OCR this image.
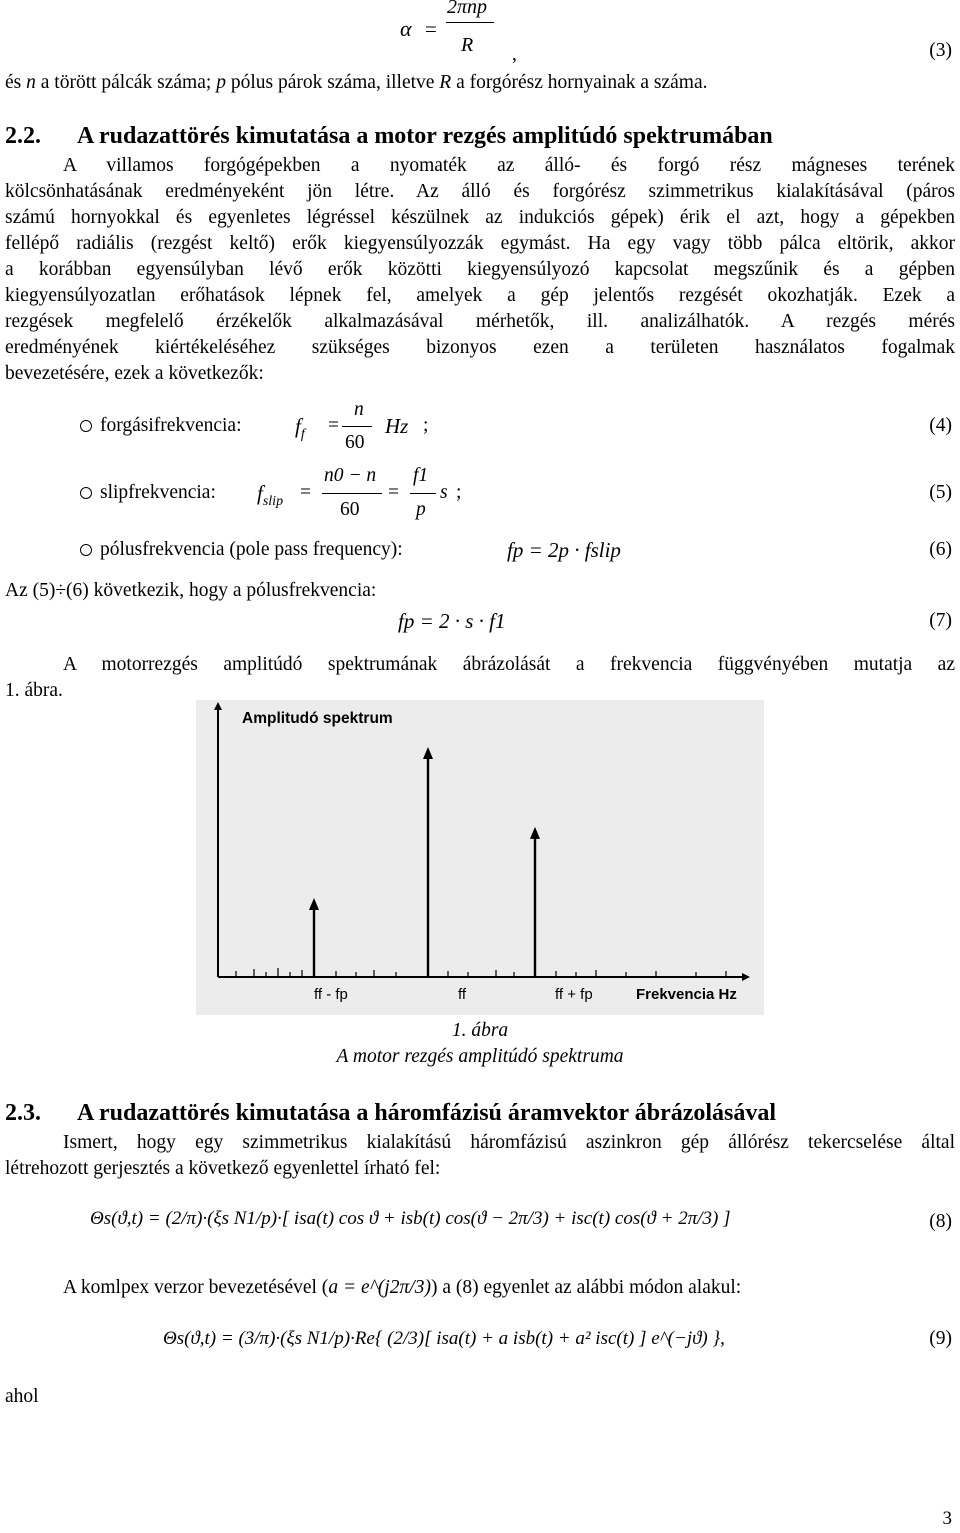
α =
2πnp
R ,	(3)
és n a törött pálcák száma; p pólus párok száma, illetve R a forgórész hornyainak a száma.
2.2. A rudazattörés kimutatása a motor rezgés amplitúdó spektrumában
A villamos forgógépekben a nyomaték az álló- és forgó rész mágneses terének
kölcsönhatásának eredményeként jön létre. Az álló és forgórész szimmetrikus kialakításával (páros
számú hornyokkal és egyenletes légréssel készülnek az indukciós gépek) érik el azt, hogy a gépekben
fellépő radiális (rezgést keltő) erők kiegyensúlyozzák egymást. Ha egy vagy több pálca eltörik, akkor
a korábban egyensúlyban lévő erők közötti kiegyensúlyozó kapcsolat megszűnik és a gépben
kiegyensúlyozatlan erőhatások lépnek fel, amelyek a gép jelentős rezgését okozhatják. Ezek a
rezgések megfelelő érzékelők alkalmazásával mérhetők, ill. analizálhatók. A rezgés mérés
eredményének kiértékeléséhez szükséges bizonyos ezen a területen használatos fogalmak
bevezetésére, ezek a következők:
forgásifrekvencia:	$f_f$ =
n
60
Hz ;	(4)
slipfrekvencia: $f_{slip}$ =
n0 − n
60
=
f1
p
s ;	(5)
pólusfrekvencia (pole pass frequency):	fp = 2p · fslip	(6)
Az (5)÷(6) következik, hogy a pólusfrekvencia:
fp = 2 · s · f1	(7)
A motorrezgés amplitúdó spektrumának ábrázolását a frekvencia függvényében mutatja az
1. ábra.
Amplitudó spektrum
Frekvencia Hz
ff - fp	ff	ff + fp
1. ábra
A motor rezgés amplitúdó spektruma
2.3. A rudazattörés kimutatása a háromfázisú áramvektor ábrázolásával
Ismert, hogy egy szimmetrikus kialakítású háromfázisú aszinkron gép állórész tekercselése által
létrehozott gerjesztés a következő egyenlettel írható fel:
Θs(ϑ,t) = (2/π)·(ξs N1/p)·[ isa(t) cos ϑ + isb(t) cos(ϑ − 2π/3) + isc(t) cos(ϑ + 2π/3) ]	(8)
A komlpex verzor bevezetésével (a = e^(j2π/3)) a (8) egyenlet az alábbi módon alakul:
Θs(ϑ,t) = (3/π)·(ξs N1/p)·Re{ (2/3)[ isa(t) + a isb(t) + a² isc(t) ] e^(−jϑ) },	(9)
ahol
3
